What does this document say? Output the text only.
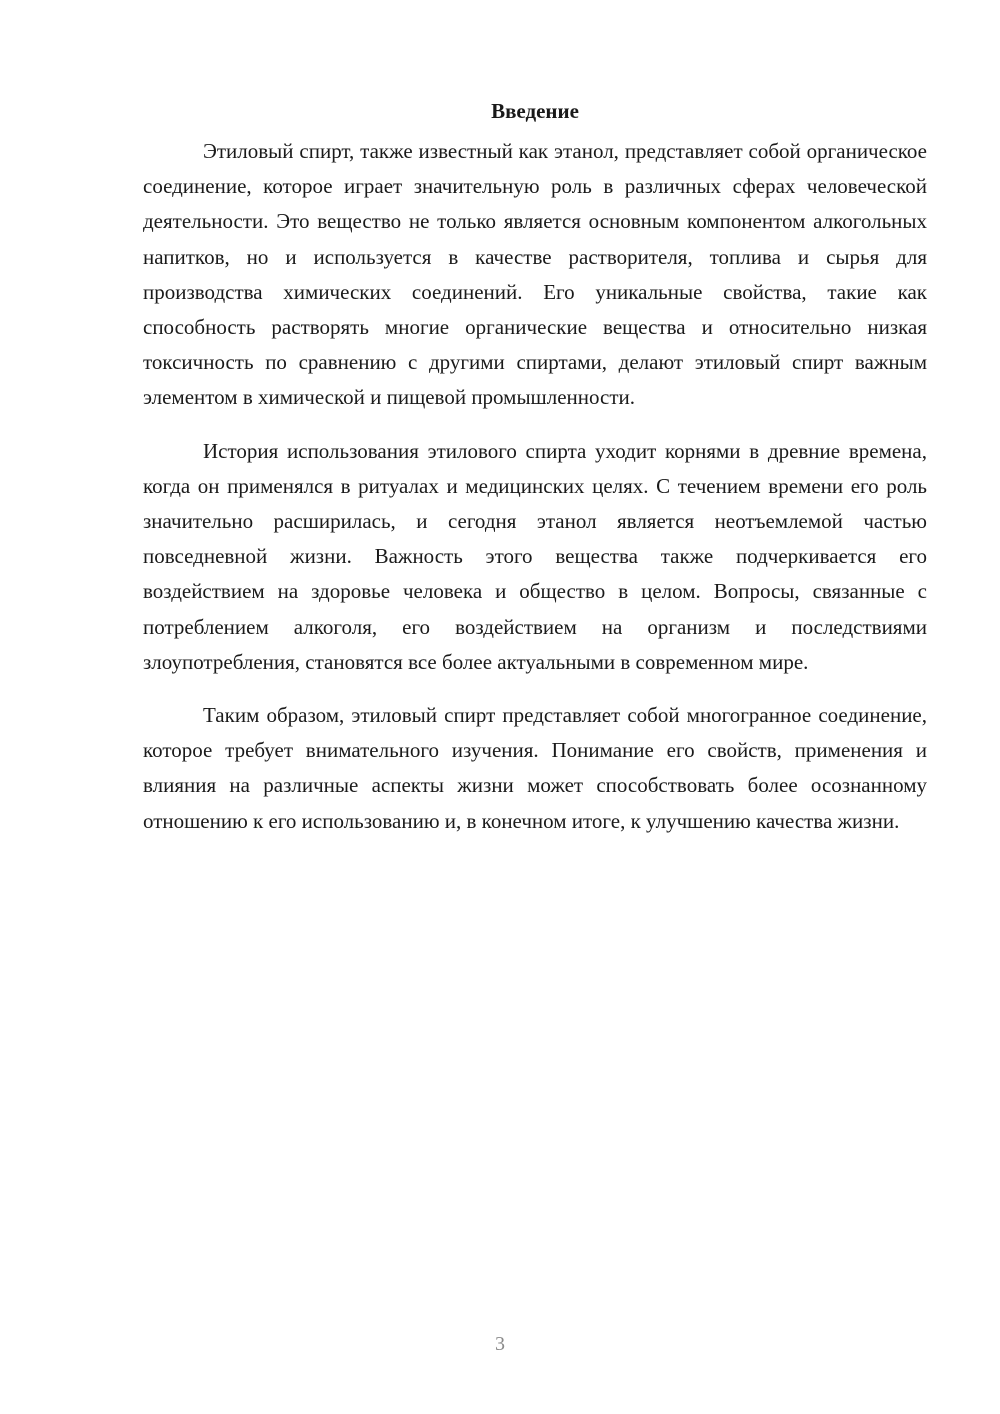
Введение

Этиловый спирт, также известный как этанол, представляет собой органическое соединение, которое играет значительную роль в различных сферах человеческой деятельности. Это вещество не только является основным компонентом алкогольных напитков, но и используется в качестве растворителя, топлива и сырья для производства химических соединений. Его уникальные свойства, такие как способность растворять многие органические вещества и относительно низкая токсичность по сравнению с другими спиртами, делают этиловый спирт важным элементом в химической и пищевой промышленности.

История использования этилового спирта уходит корнями в древние времена, когда он применялся в ритуалах и медицинских целях. С течением времени его роль значительно расширилась, и сегодня этанол является неотъемлемой частью повседневной жизни. Важность этого вещества также подчеркивается его воздействием на здоровье человека и общество в целом. Вопросы, связанные с потреблением алкоголя, его воздействием на организм и последствиями злоупотребления, становятся все более актуальными в современном мире.

Таким образом, этиловый спирт представляет собой многогранное соединение, которое требует внимательного изучения. Понимание его свойств, применения и влияния на различные аспекты жизни может способствовать более осознанному отношению к его использованию и, в конечном итоге, к улучшению качества жизни.

3
